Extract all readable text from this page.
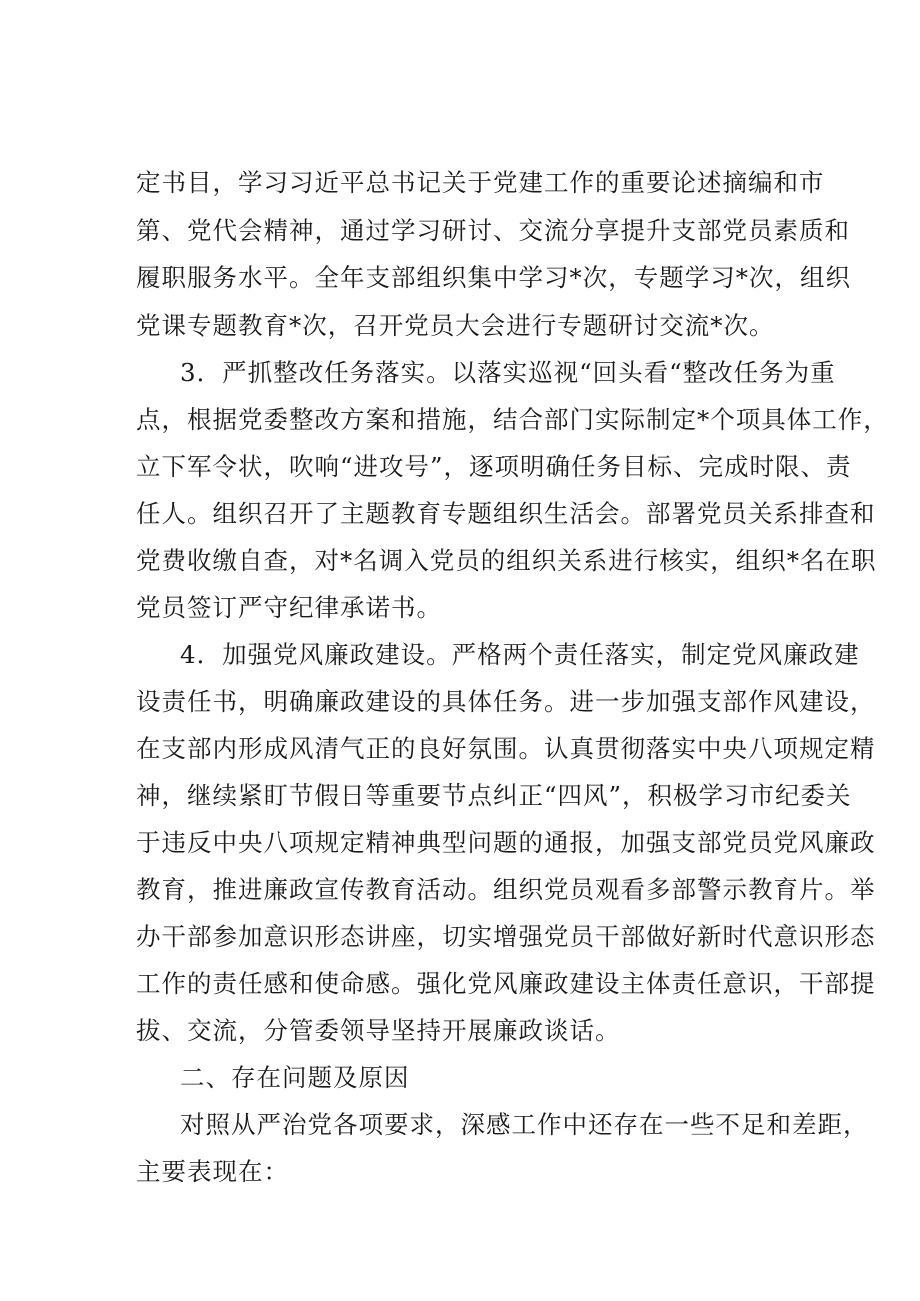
定书目，学习习近平总书记关于党建工作的重要论述摘编和市
第、党代会精神，通过学习研讨、交流分享提升支部党员素质和
履职服务水平。全年支部组织集中学习*次，专题学习*次，组织
党课专题教育*次，召开党员大会进行专题研讨交流*次。
3．严抓整改任务落实。以落实巡视“回头看“整改任务为重
点，根据党委整改方案和措施，结合部门实际制定*个项具体工作，
立下军令状，吹响“进攻号”，逐项明确任务目标、完成时限、责
任人。组织召开了主题教育专题组织生活会。部署党员关系排查和
党费收缴自查，对*名调入党员的组织关系进行核实，组织*名在职
党员签订严守纪律承诺书。
4．加强党风廉政建设。严格两个责任落实，制定党风廉政建
设责任书，明确廉政建设的具体任务。进一步加强支部作风建设，
在支部内形成风清气正的良好氛围。认真贯彻落实中央八项规定精
神，继续紧盯节假日等重要节点纠正“四风”，积极学习市纪委关
于违反中央八项规定精神典型问题的通报，加强支部党员党风廉政
教育，推进廉政宣传教育活动。组织党员观看多部警示教育片。举
办干部参加意识形态讲座，切实增强党员干部做好新时代意识形态
工作的责任感和使命感。强化党风廉政建设主体责任意识，干部提
拔、交流，分管委领导坚持开展廉政谈话。
二、存在问题及原因
对照从严治党各项要求，深感工作中还存在一些不足和差距，
主要表现在：
